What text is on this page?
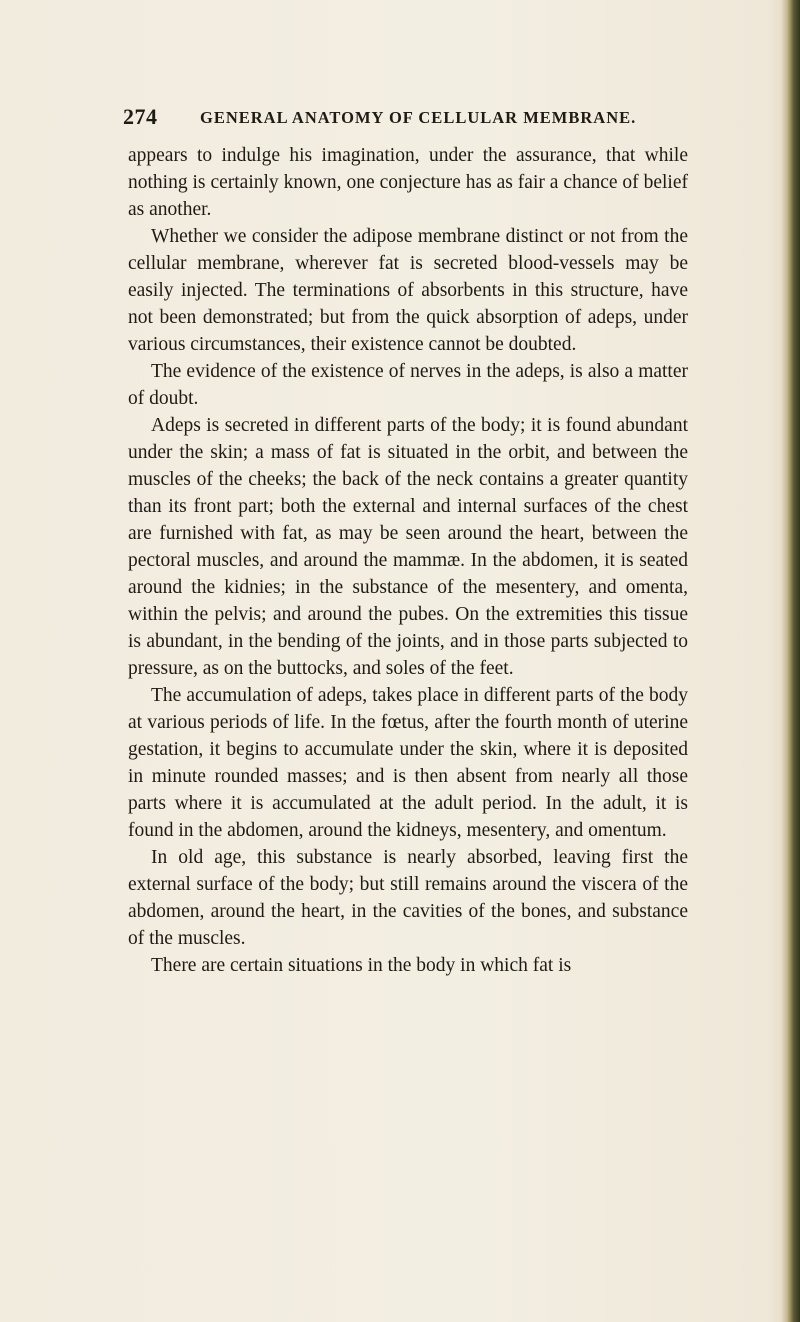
274	GENERAL ANATOMY OF CELLULAR MEMBRANE.

appears to indulge his imagination, under the assurance, that while nothing is certainly known, one conjecture has as fair a chance of belief as another.

Whether we consider the adipose membrane distinct or not from the cellular membrane, wherever fat is secreted blood-vessels may be easily injected. The terminations of absorbents in this structure, have not been demonstrated; but from the quick absorption of adeps, under various circumstances, their existence cannot be doubted.

The evidence of the existence of nerves in the adeps, is also a matter of doubt.

Adeps is secreted in different parts of the body; it is found abundant under the skin; a mass of fat is situated in the orbit, and between the muscles of the cheeks; the back of the neck contains a greater quantity than its front part; both the external and internal surfaces of the chest are furnished with fat, as may be seen around the heart, between the pectoral muscles, and around the mammæ. In the abdomen, it is seated around the kidnies; in the substance of the mesentery, and omenta, within the pelvis; and around the pubes. On the extremities this tissue is abundant, in the bending of the joints, and in those parts subjected to pressure, as on the buttocks, and soles of the feet.

The accumulation of adeps, takes place in different parts of the body at various periods of life. In the fœtus, after the fourth month of uterine gestation, it begins to accumulate under the skin, where it is deposited in minute rounded masses; and is then absent from nearly all those parts where it is accumulated at the adult period. In the adult, it is found in the abdomen, around the kidneys, mesentery, and omentum.

In old age, this substance is nearly absorbed, leaving first the external surface of the body; but still remains around the viscera of the abdomen, around the heart, in the cavities of the bones, and substance of the muscles.

There are certain situations in the body in which fat is
